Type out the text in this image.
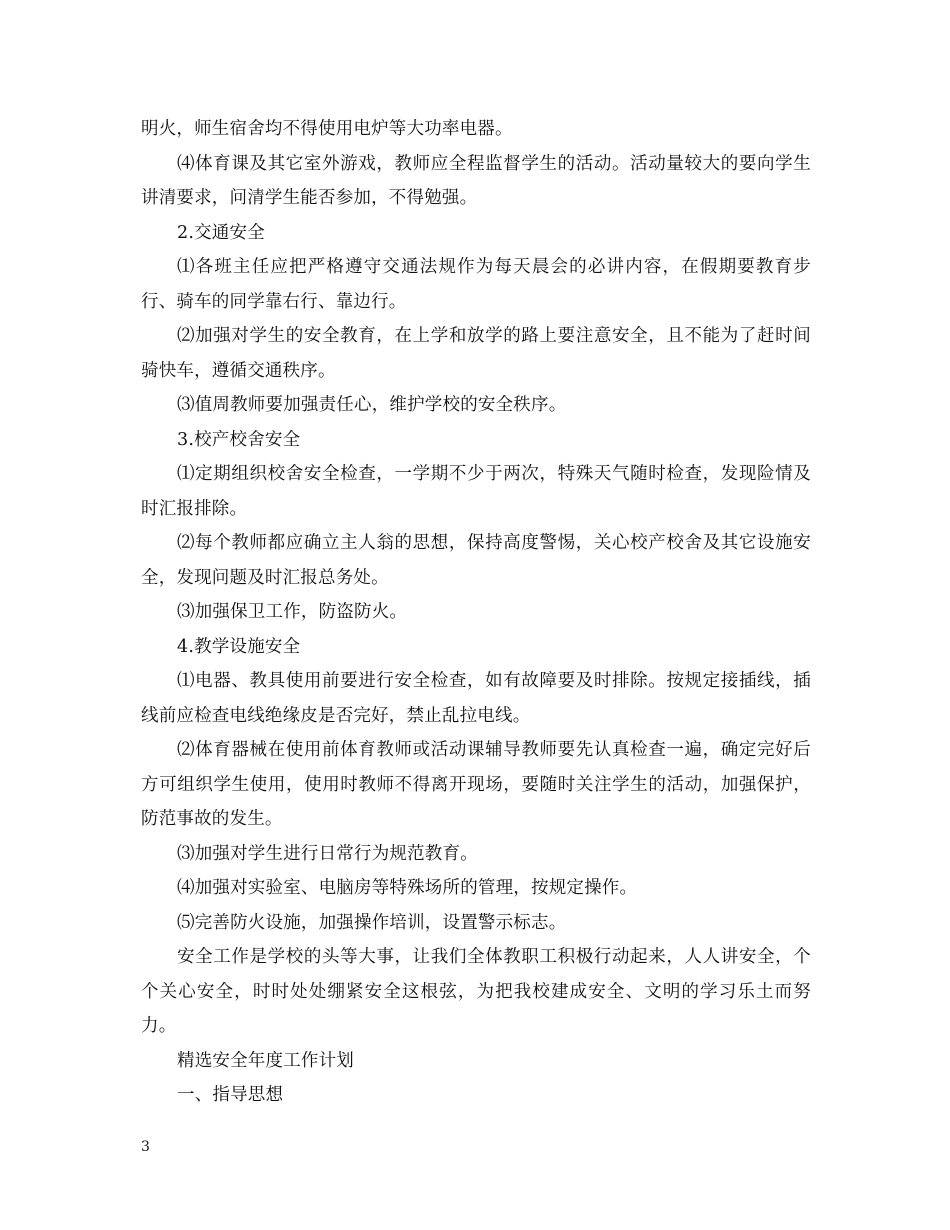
明火，师生宿舍均不得使用电炉等大功率电器。

⑷体育课及其它室外游戏，教师应全程监督学生的活动。活动量较大的要向学生讲清要求，问清学生能否参加，不得勉强。

2.交通安全

⑴各班主任应把严格遵守交通法规作为每天晨会的必讲内容，在假期要教育步行、骑车的同学靠右行、靠边行。

⑵加强对学生的安全教育，在上学和放学的路上要注意安全，且不能为了赶时间骑快车，遵循交通秩序。

⑶值周教师要加强责任心，维护学校的安全秩序。

3.校产校舍安全

⑴定期组织校舍安全检查，一学期不少于两次，特殊天气随时检查，发现险情及时汇报排除。

⑵每个教师都应确立主人翁的思想，保持高度警惕，关心校产校舍及其它设施安全，发现问题及时汇报总务处。

⑶加强保卫工作，防盗防火。

4.教学设施安全

⑴电器、教具使用前要进行安全检查，如有故障要及时排除。按规定接插线，插线前应检查电线绝缘皮是否完好，禁止乱拉电线。

⑵体育器械在使用前体育教师或活动课辅导教师要先认真检查一遍，确定完好后方可组织学生使用，使用时教师不得离开现场，要随时关注学生的活动，加强保护，防范事故的发生。

⑶加强对学生进行日常行为规范教育。

⑷加强对实验室、电脑房等特殊场所的管理，按规定操作。

⑸完善防火设施，加强操作培训，设置警示标志。

安全工作是学校的头等大事，让我们全体教职工积极行动起来，人人讲安全，个个关心安全，时时处处绷紧安全这根弦，为把我校建成安全、文明的学习乐土而努力。

精选安全年度工作计划

一、指导思想

3
